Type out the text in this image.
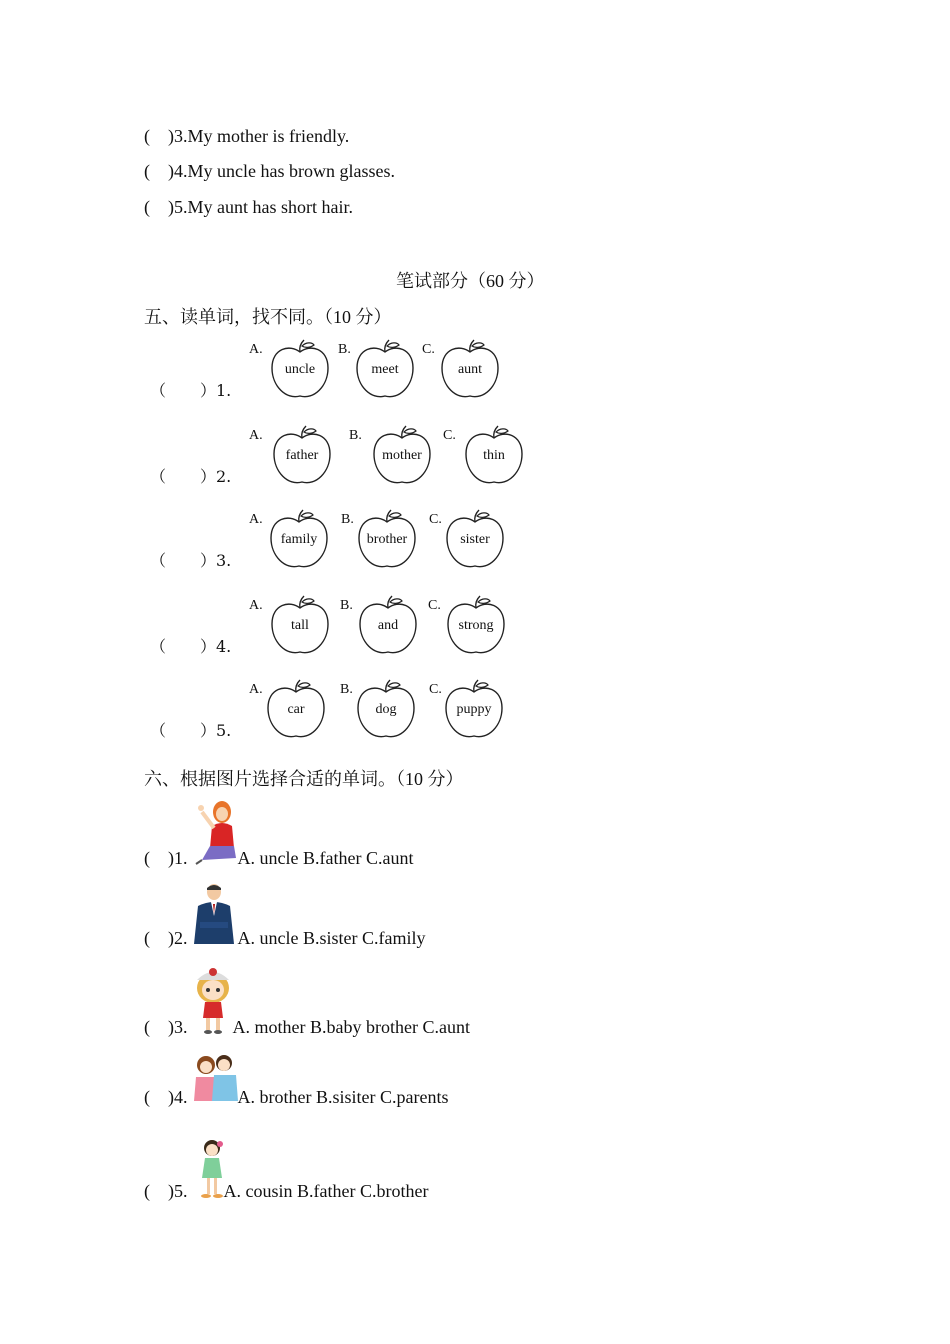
( )3.My mother is friendly.
( )4.My uncle has brown glasses.
( )5.My aunt has short hair.
笔试部分（60 分）
五、读单词，找不同。（10 分）
（ ）1.
A.
uncle
B.
meet
C.
aunt
（ ）2.
A.
father
B.
mother
C.
thin
（ ）3.
A.
family
B.
brother
C.
sister
（ ）4.
A.
tall
B.
and
C.
strong
（ ）5.
A.
car
B.
dog
C.
puppy
六、根据图片选择合适的单词。（10 分）
( )1.	A. uncle B.father C.aunt
( )2.	A. uncle B.sister C.family
( )3.	A. mother B.baby brother C.aunt
( )4.	A. brother B.sisiter C.parents
( )5. A. cousin B.father C.brother
